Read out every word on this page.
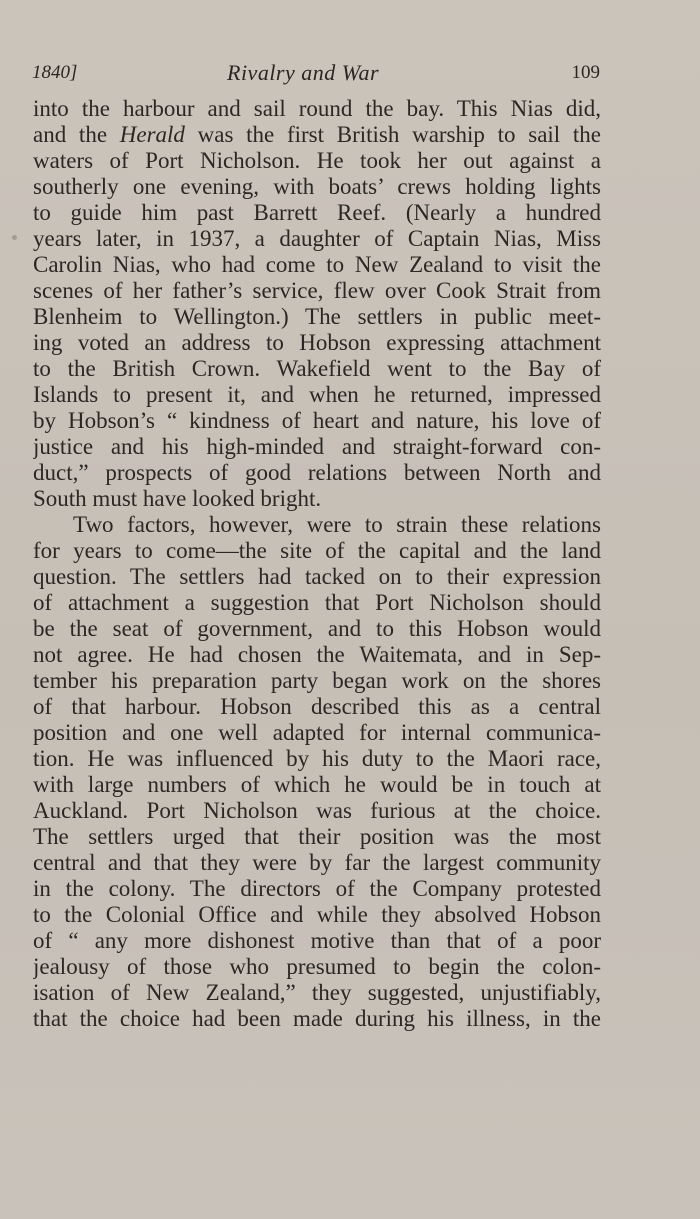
1840]	Rivalry and War	109
into the harbour and sail round the bay. This Nias did,
and the Herald was the first British warship to sail the
waters of Port Nicholson. He took her out against a
southerly one evening, with boats’ crews holding lights
to guide him past Barrett Reef. (Nearly a hundred
years later, in 1937, a daughter of Captain Nias, Miss
Carolin Nias, who had come to New Zealand to visit the
scenes of her father’s service, flew over Cook Strait from
Blenheim to Wellington.) The settlers in public meet-
ing voted an address to Hobson expressing attachment
to the British Crown. Wakefield went to the Bay of
Islands to present it, and when he returned, impressed
by Hobson’s “ kindness of heart and nature, his love of
justice and his high-minded and straight-forward con-
duct,” prospects of good relations between North and
South must have looked bright.
Two factors, however, were to strain these relations
for years to come—the site of the capital and the land
question. The settlers had tacked on to their expression
of attachment a suggestion that Port Nicholson should
be the seat of government, and to this Hobson would
not agree. He had chosen the Waitemata, and in Sep-
tember his preparation party began work on the shores
of that harbour. Hobson described this as a central
position and one well adapted for internal communica-
tion. He was influenced by his duty to the Maori race,
with large numbers of which he would be in touch at
Auckland. Port Nicholson was furious at the choice.
The settlers urged that their position was the most
central and that they were by far the largest community
in the colony. The directors of the Company protested
to the Colonial Office and while they absolved Hobson
of “ any more dishonest motive than that of a poor
jealousy of those who presumed to begin the colon-
isation of New Zealand,” they suggested, unjustifiably,
that the choice had been made during his illness, in the
